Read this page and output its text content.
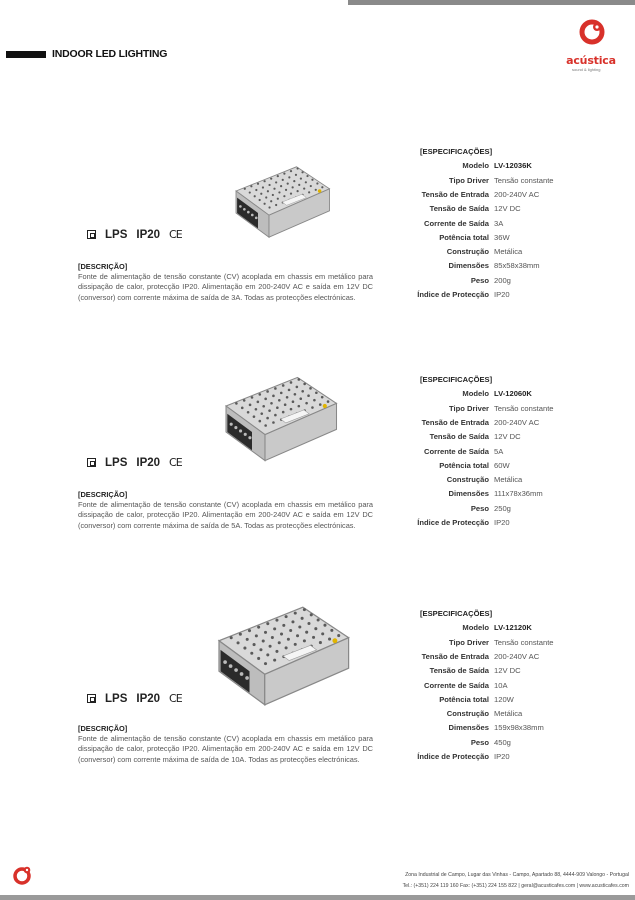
INDOOR LED LIGHTING	acústica
sound & lighting
LPS IP20 CE
[DESCRIÇÃO]
Fonte de alimentação de tensão constante (CV) acoplada em chassis em metálico para dissipação de calor, protecção IP20. Alimentação em 200-240V AC e saída em 12V DC (conversor) com corrente máxima de saída de 3A. Todas as protecções electrónicas.
[ESPECIFICAÇÕES]
Modelo LV-12036K
Tipo Driver Tensão constante
Tensão de Entrada 200-240V AC
Tensão de Saída 12V DC
Corrente de Saída 3A
Potência total 36W
Construção Metálica
Dimensões 85x58x38mm
Peso 200g
Índice de Protecção IP20
LPS IP20 CE
[DESCRIÇÃO]
Fonte de alimentação de tensão constante (CV) acoplada em chassis em metálico para dissipação de calor, protecção IP20. Alimentação em 200-240V AC e saída em 12V DC (conversor) com corrente máxima de saída de 5A. Todas as protecções electrónicas.
[ESPECIFICAÇÕES]
Modelo LV-12060K
Tipo Driver Tensão constante
Tensão de Entrada 200-240V AC
Tensão de Saída 12V DC
Corrente de Saída 5A
Potência total 60W
Construção Metálica
Dimensões 111x78x36mm
Peso 250g
Índice de Protecção IP20
LPS IP20 CE
[DESCRIÇÃO]
Fonte de alimentação de tensão constante (CV) acoplada em chassis em metálico para dissipação de calor, protecção IP20. Alimentação em 200-240V AC e saída em 12V DC (conversor) com corrente máxima de saída de 10A. Todas as protecções electrónicas.
[ESPECIFICAÇÕES]
Modelo LV-12120K
Tipo Driver Tensão constante
Tensão de Entrada 200-240V AC
Tensão de Saída 12V DC
Corrente de Saída 10A
Potência total 120W
Construção Metálica
Dimensões 159x98x38mm
Peso 450g
Índice de Protecção IP20
Zona Industrial de Campo, Lugar das Vinhas - Campo, Apartado 88, 4444-909 Valongo - Portugal
Tel.: (+351) 224 119 160 Fax: (+351) 224 155 822 | geral@acusticafes.com | www.acusticafes.com
